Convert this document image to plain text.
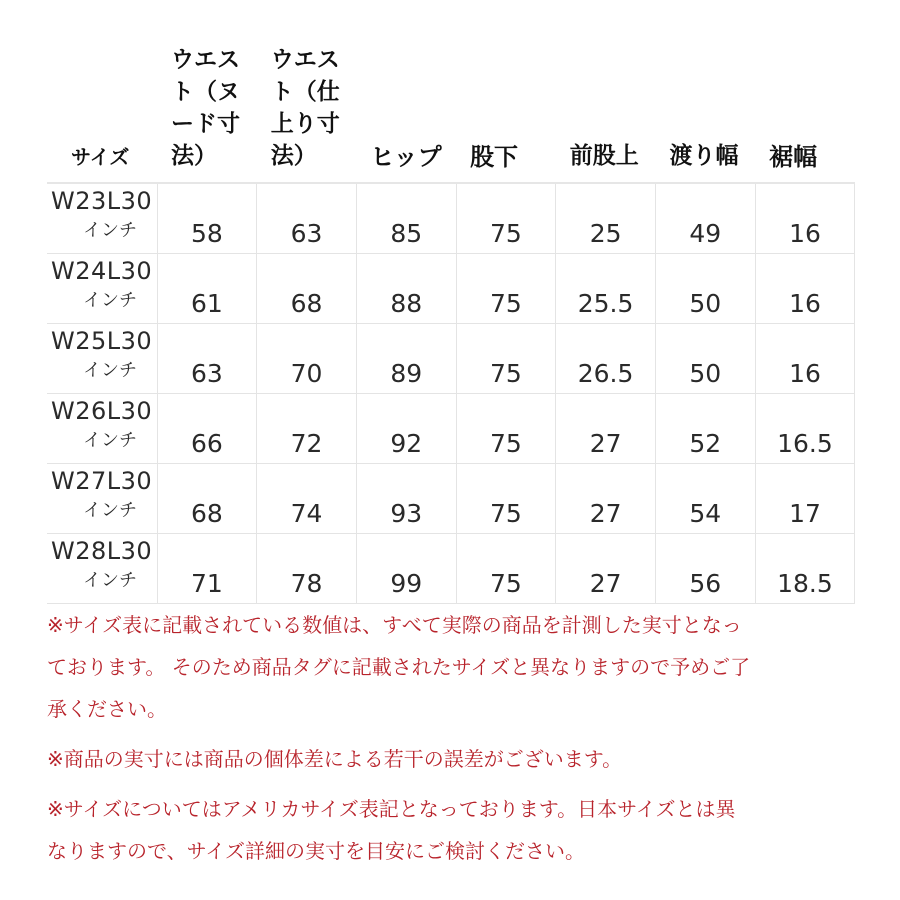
サイズ	ウエスト（ヌード寸法）	ウエスト（仕上り寸法）	ヒップ	股下	前股上	渡り幅	裾幅

W23L30
インチ	58	63	85	75	25	49	16

W24L30
インチ	61	68	88	75	25.5	50	16

W25L30
インチ	63	70	89	75	26.5	50	16

W26L30
インチ	66	72	92	75	27	52	16.5

W27L30
インチ	68	74	93	75	27	54	17

W28L30
インチ	71	78	99	75	27	56	18.5
※サイズ表に記載されている数値は、すべて実際の商品を計測した実寸となっ
ております。 そのため商品タグに記載されたサイズと異なりますので予めご了
承ください。
※商品の実寸には商品の個体差による若干の誤差がございます。
※サイズについてはアメリカサイズ表記となっております。日本サイズとは異
なりますので、サイズ詳細の実寸を目安にご検討ください。
